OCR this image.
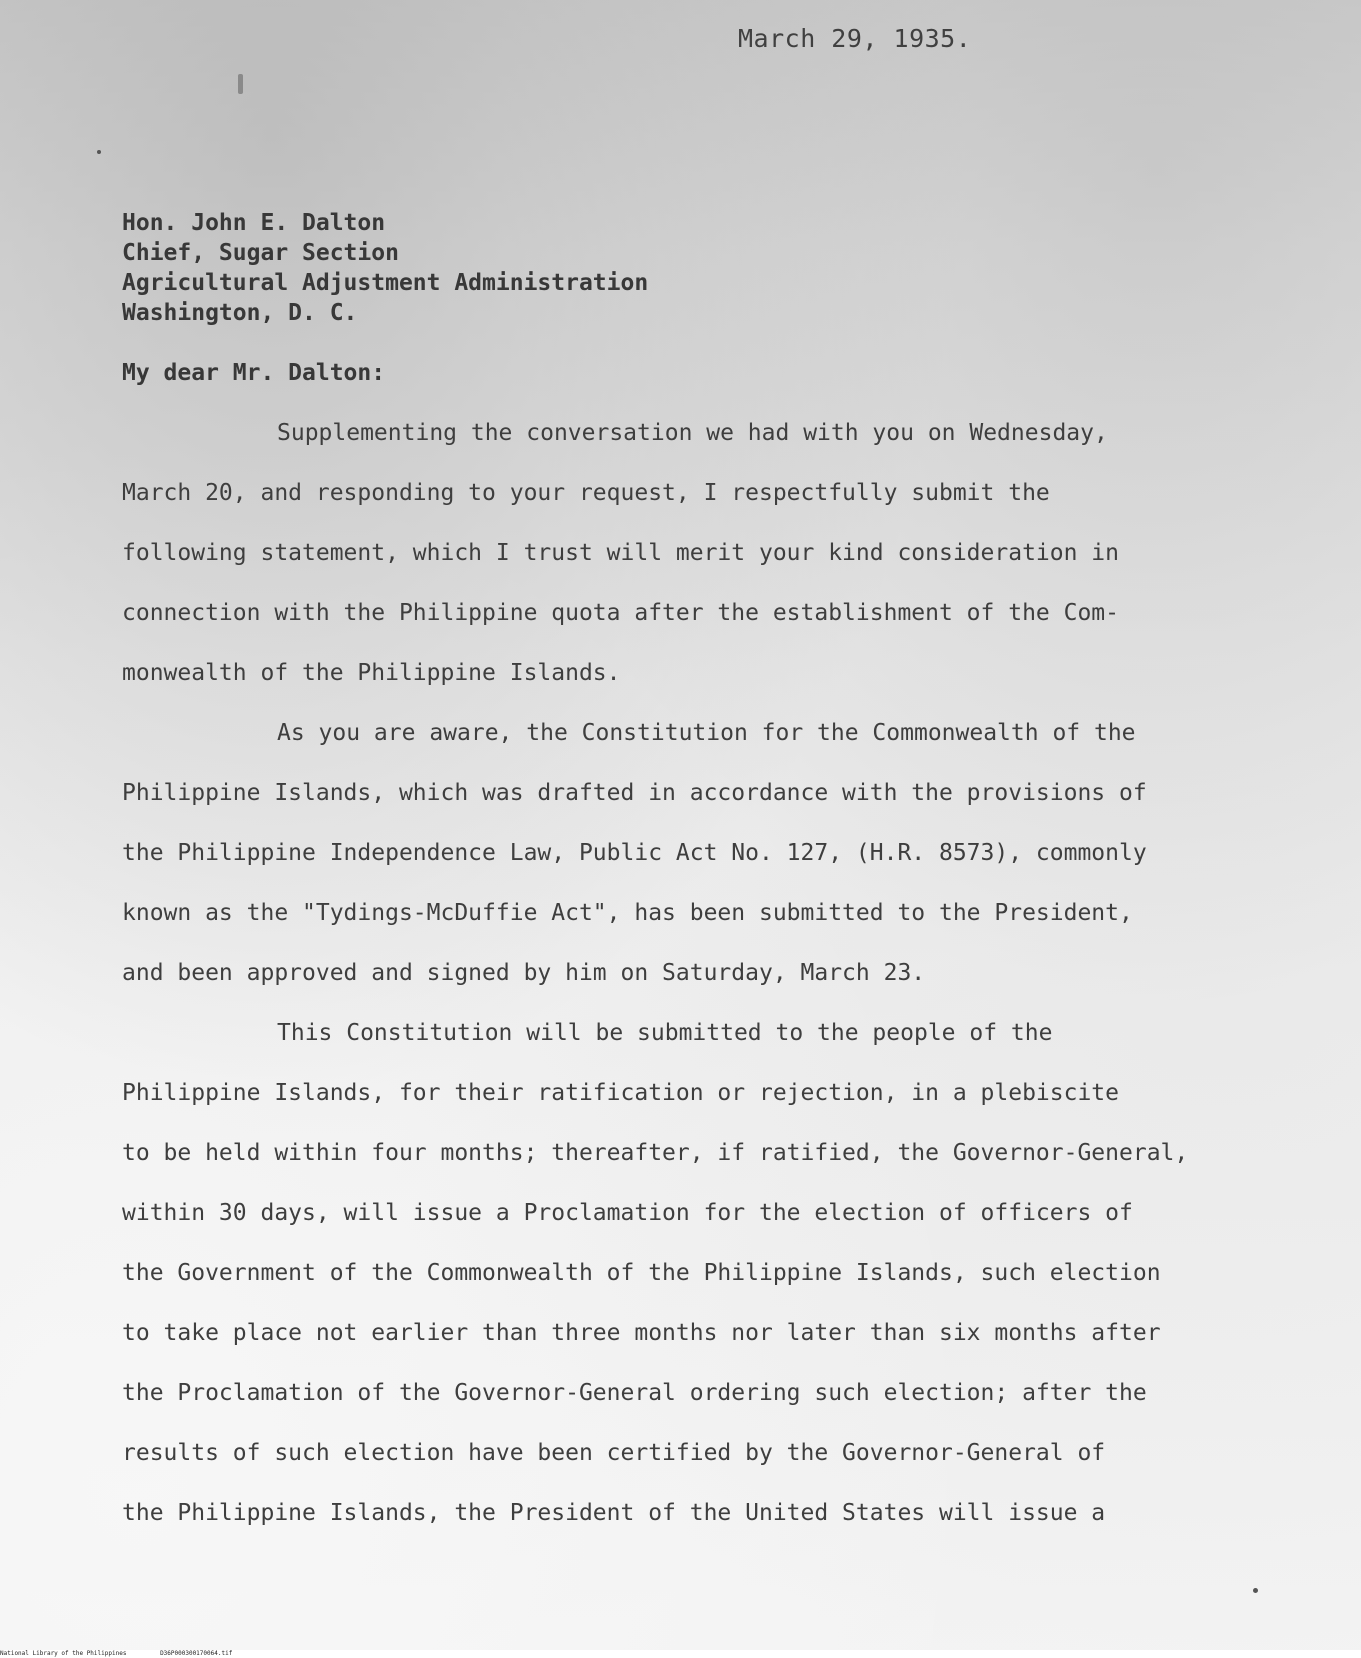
March 29, 1935.
Hon. John E. Dalton
Chief, Sugar Section
Agricultural Adjustment Administration
Washington, D. C.
My dear Mr. Dalton:
Supplementing the conversation we had with you on Wednesday,
March 20, and responding to your request, I respectfully submit the
following statement, which I trust will merit your kind consideration in
connection with the Philippine quota after the establishment of the Com-
monwealth of the Philippine Islands.
As you are aware, the Constitution for the Commonwealth of the
Philippine Islands, which was drafted in accordance with the provisions of
the Philippine Independence Law, Public Act No. 127, (H.R. 8573), commonly
known as the "Tydings-McDuffie Act", has been submitted to the President,
and been approved and signed by him on Saturday, March 23.
This Constitution will be submitted to the people of the
Philippine Islands, for their ratification or rejection, in a plebiscite
to be held within four months; thereafter, if ratified, the Governor-General,
within 30 days, will issue a Proclamation for the election of officers of
the Government of the Commonwealth of the Philippine Islands, such election
to take place not earlier than three months nor later than six months after
the Proclamation of the Governor-General ordering such election; after the
results of such election have been certified by the Governor-General of
the Philippine Islands, the President of the United States will issue a
National Library of the Philippines	D36P000300170064.tif
